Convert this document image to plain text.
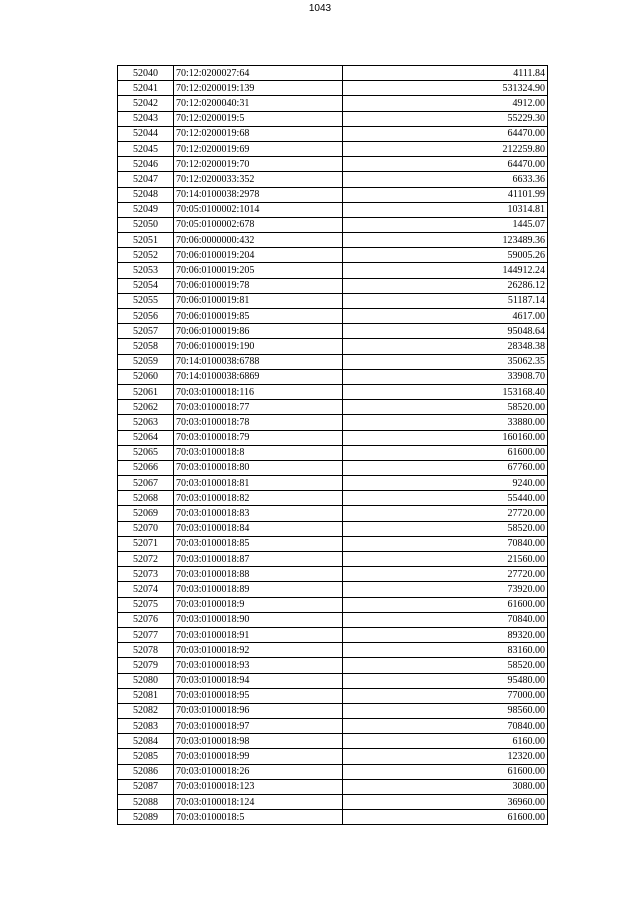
1043
52040	70:12:0200027:64	4111.84
52041	70:12:0200019:139	531324.90
52042	70:12:0200040:31	4912.00
52043	70:12:0200019:5	55229.30
52044	70:12:0200019:68	64470.00
52045	70:12:0200019:69	212259.80
52046	70:12:0200019:70	64470.00
52047	70:12:0200033:352	6633.36
52048	70:14:0100038:2978	41101.99
52049	70:05:0100002:1014	10314.81
52050	70:05:0100002:678	1445.07
52051	70:06:0000000:432	123489.36
52052	70:06:0100019:204	59005.26
52053	70:06:0100019:205	144912.24
52054	70:06:0100019:78	26286.12
52055	70:06:0100019:81	51187.14
52056	70:06:0100019:85	4617.00
52057	70:06:0100019:86	95048.64
52058	70:06:0100019:190	28348.38
52059	70:14:0100038:6788	35062.35
52060	70:14:0100038:6869	33908.70
52061	70:03:0100018:116	153168.40
52062	70:03:0100018:77	58520.00
52063	70:03:0100018:78	33880.00
52064	70:03:0100018:79	160160.00
52065	70:03:0100018:8	61600.00
52066	70:03:0100018:80	67760.00
52067	70:03:0100018:81	9240.00
52068	70:03:0100018:82	55440.00
52069	70:03:0100018:83	27720.00
52070	70:03:0100018:84	58520.00
52071	70:03:0100018:85	70840.00
52072	70:03:0100018:87	21560.00
52073	70:03:0100018:88	27720.00
52074	70:03:0100018:89	73920.00
52075	70:03:0100018:9	61600.00
52076	70:03:0100018:90	70840.00
52077	70:03:0100018:91	89320.00
52078	70:03:0100018:92	83160.00
52079	70:03:0100018:93	58520.00
52080	70:03:0100018:94	95480.00
52081	70:03:0100018:95	77000.00
52082	70:03:0100018:96	98560.00
52083	70:03:0100018:97	70840.00
52084	70:03:0100018:98	6160.00
52085	70:03:0100018:99	12320.00
52086	70:03:0100018:26	61600.00
52087	70:03:0100018:123	3080.00
52088	70:03:0100018:124	36960.00
52089	70:03:0100018:5	61600.00
